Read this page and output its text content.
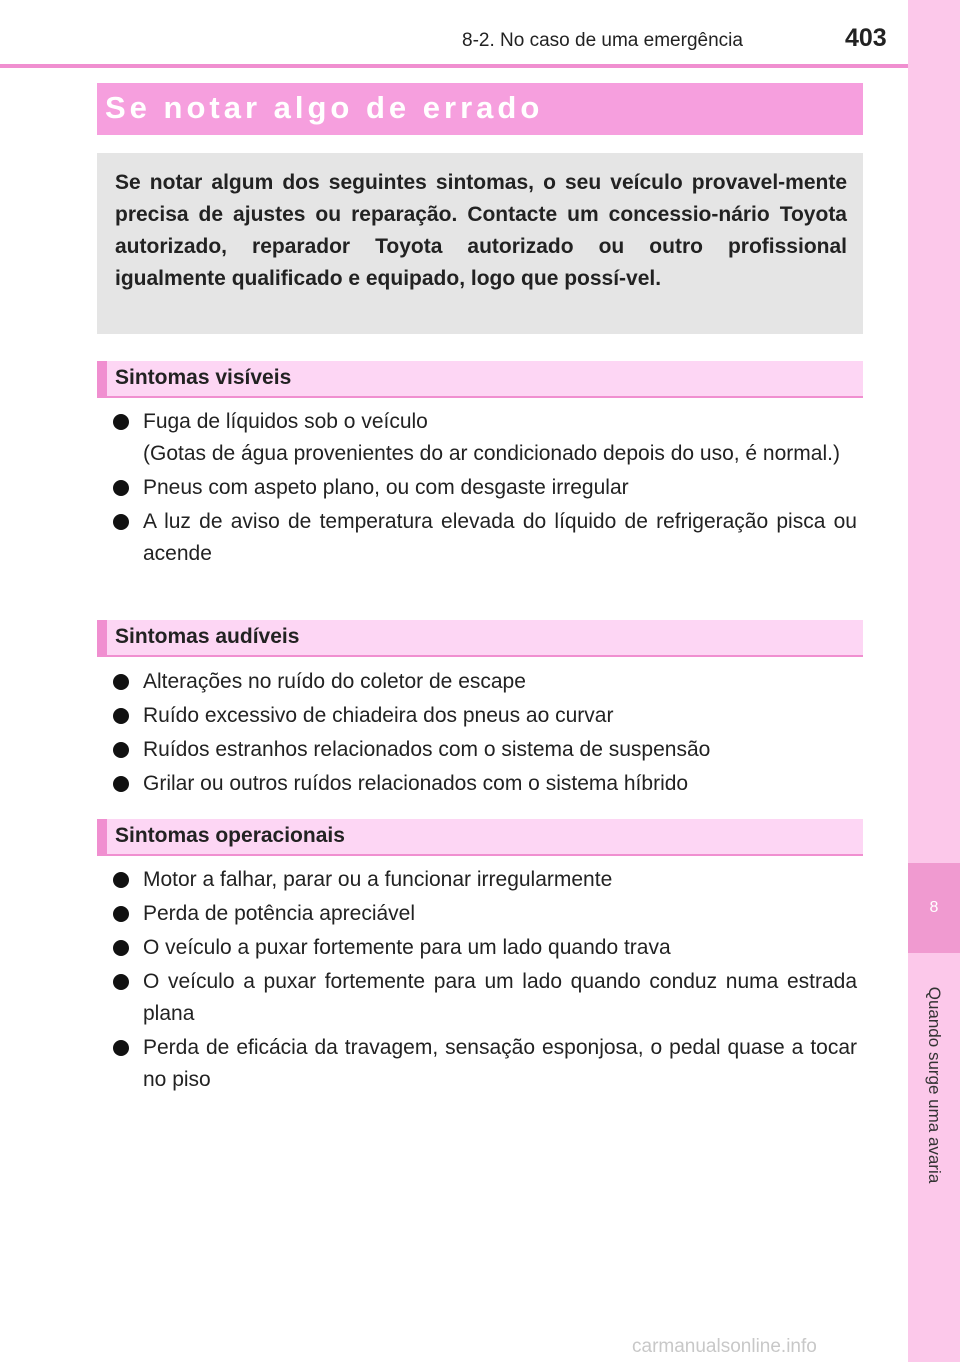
8
Quando surge uma avaria
8-2. No caso de uma emergência	403
Se notar algo de errado

Se notar algum dos seguintes sintomas, o seu veículo provavel-mente precisa de ajustes ou reparação. Contacte um concessio-nário Toyota autorizado, reparador Toyota autorizado ou outro profissional igualmente qualificado e equipado, logo que possí-vel.

Sintomas visíveis
Fuga de líquidos sob o veículo
(Gotas de água provenientes do ar condicionado depois do uso, é normal.)
Pneus com aspeto plano, ou com desgaste irregular
A luz de aviso de temperatura elevada do líquido de refrigeração pisca ou acende
Sintomas audíveis
Alterações no ruído do coletor de escape
Ruído excessivo de chiadeira dos pneus ao curvar
Ruídos estranhos relacionados com o sistema de suspensão
Grilar ou outros ruídos relacionados com o sistema híbrido
Sintomas operacionais
Motor a falhar, parar ou a funcionar irregularmente
Perda de potência apreciável
O veículo a puxar fortemente para um lado quando trava
O veículo a puxar fortemente para um lado quando conduz numa estrada plana
Perda de eficácia da travagem, sensação esponjosa, o pedal quase a tocar no piso
carmanualsonline.info
